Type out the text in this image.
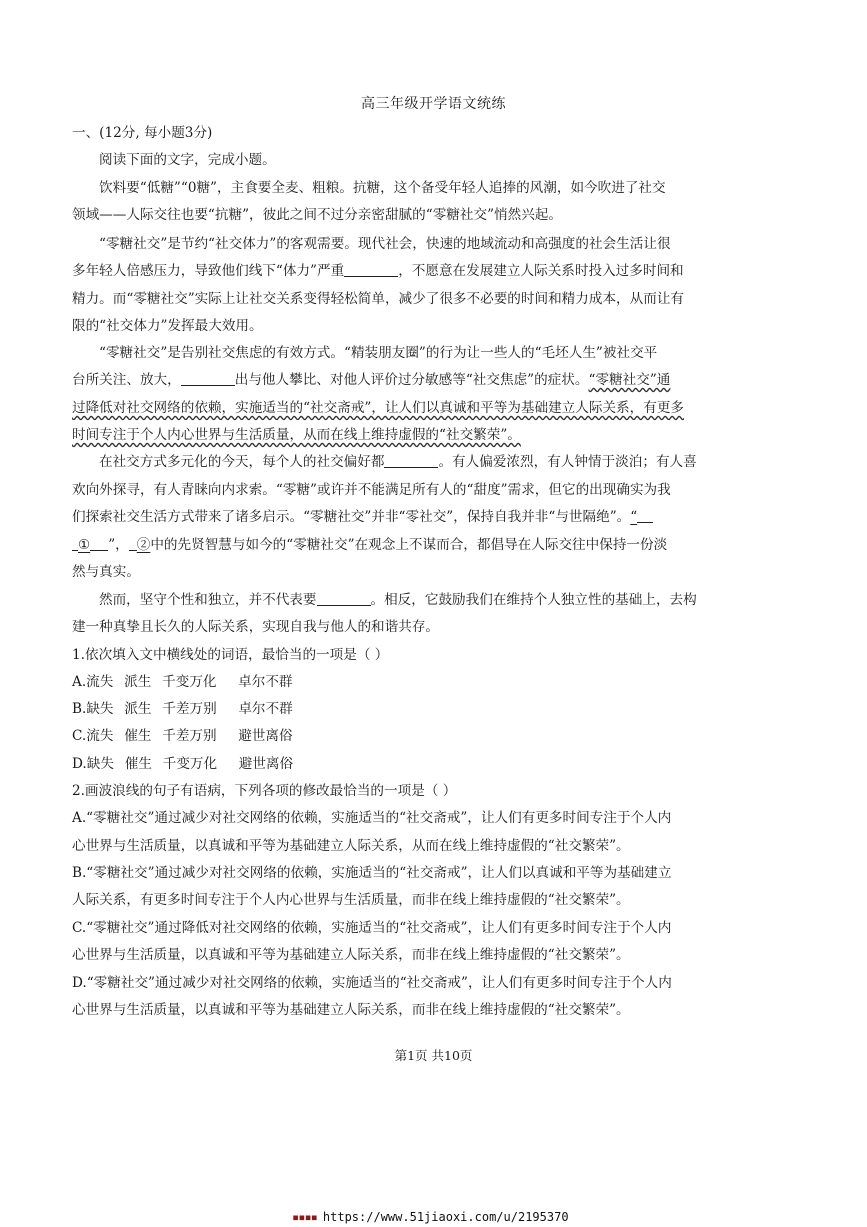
高三年级开学语文统练
一、(12分, 每小题3分)
阅读下面的文字，完成小题。
饮料要“低糖”“0糖”，主食要全麦、粗粮。抗糖，这个备受年轻人追捧的风潮，如今吹进了社交
领域——人际交往也要“抗糖”，彼此之间不过分亲密甜腻的“零糖社交”悄然兴起。
“零糖社交”是节约“社交体力”的客观需要。现代社会，快速的地域流动和高强度的社会生活让很
多年轻人倍感压力，导致他们线下“体力”严重	，不愿意在发展建立人际关系时投入过多时间和
精力。而“零糖社交”实际上让社交关系变得轻松简单，减少了很多不必要的时间和精力成本，从而让有
限的“社交体力”发挥最大效用。
“零糖社交”是告别社交焦虑的有效方式。“精装朋友圈”的行为让一些人的“毛坯人生”被社交平
台所关注、放大，	出与他人攀比、对他人评价过分敏感等“社交焦虑”的症状。“零糖社交”通
过降低对社交网络的依赖，实施适当的“社交斋戒”，让人们以真诚和平等为基础建立人际关系，有更多
时间专注于个人内心世界与生活质量，从而在线上维持虚假的“社交繁荣”。
在社交方式多元化的今天，每个人的社交偏好都	。有人偏爱浓烈，有人钟情于淡泊；有人喜
欢向外探寻，有人青睐向内求索。“零糖”或许并不能满足所有人的“甜度”需求，但它的出现确实为我
们探索社交生活方式带来了诸多启示。“零糖社交”并非“零社交”，保持自我并非“与世隔绝”。“
① ”， ②中的先贤智慧与如今的“零糖社交”在观念上不谋而合，都倡导在人际交往中保持一份淡
然与真实。
然而，坚守个性和独立，并不代表要	。相反，它鼓励我们在维持个人独立性的基础上，去构
建一种真挚且长久的人际关系，实现自我与他人的和谐共存。
1.依次填入文中横线处的词语，最恰当的一项是（ ）
A.流失 派生 千变万化 卓尔不群
B.缺失 派生 千差万别 卓尔不群
C.流失 催生 千差万别 避世离俗
D.缺失 催生 千变万化 避世离俗
2.画波浪线的句子有语病，下列各项的修改最恰当的一项是（ ）
A.“零糖社交”通过减少对社交网络的依赖，实施适当的“社交斋戒”，让人们有更多时间专注于个人内
心世界与生活质量，以真诚和平等为基础建立人际关系，从而在线上维持虚假的“社交繁荣”。
B.“零糖社交”通过减少对社交网络的依赖，实施适当的“社交斋戒”，让人们以真诚和平等为基础建立
人际关系，有更多时间专注于个人内心世界与生活质量，而非在线上维持虚假的“社交繁荣”。
C.“零糖社交”通过降低对社交网络的依赖，实施适当的“社交斋戒”，让人们有更多时间专注于个人内
心世界与生活质量，以真诚和平等为基础建立人际关系，而非在线上维持虚假的“社交繁荣”。
D.“零糖社交”通过减少对社交网络的依赖，实施适当的“社交斋戒”，让人们有更多时间专注于个人内
心世界与生活质量，以真诚和平等为基础建立人际关系，而非在线上维持虚假的“社交繁荣”。
第1页 共10页
▪▪▪▪ https://www.51jiaoxi.com/u/2195370
